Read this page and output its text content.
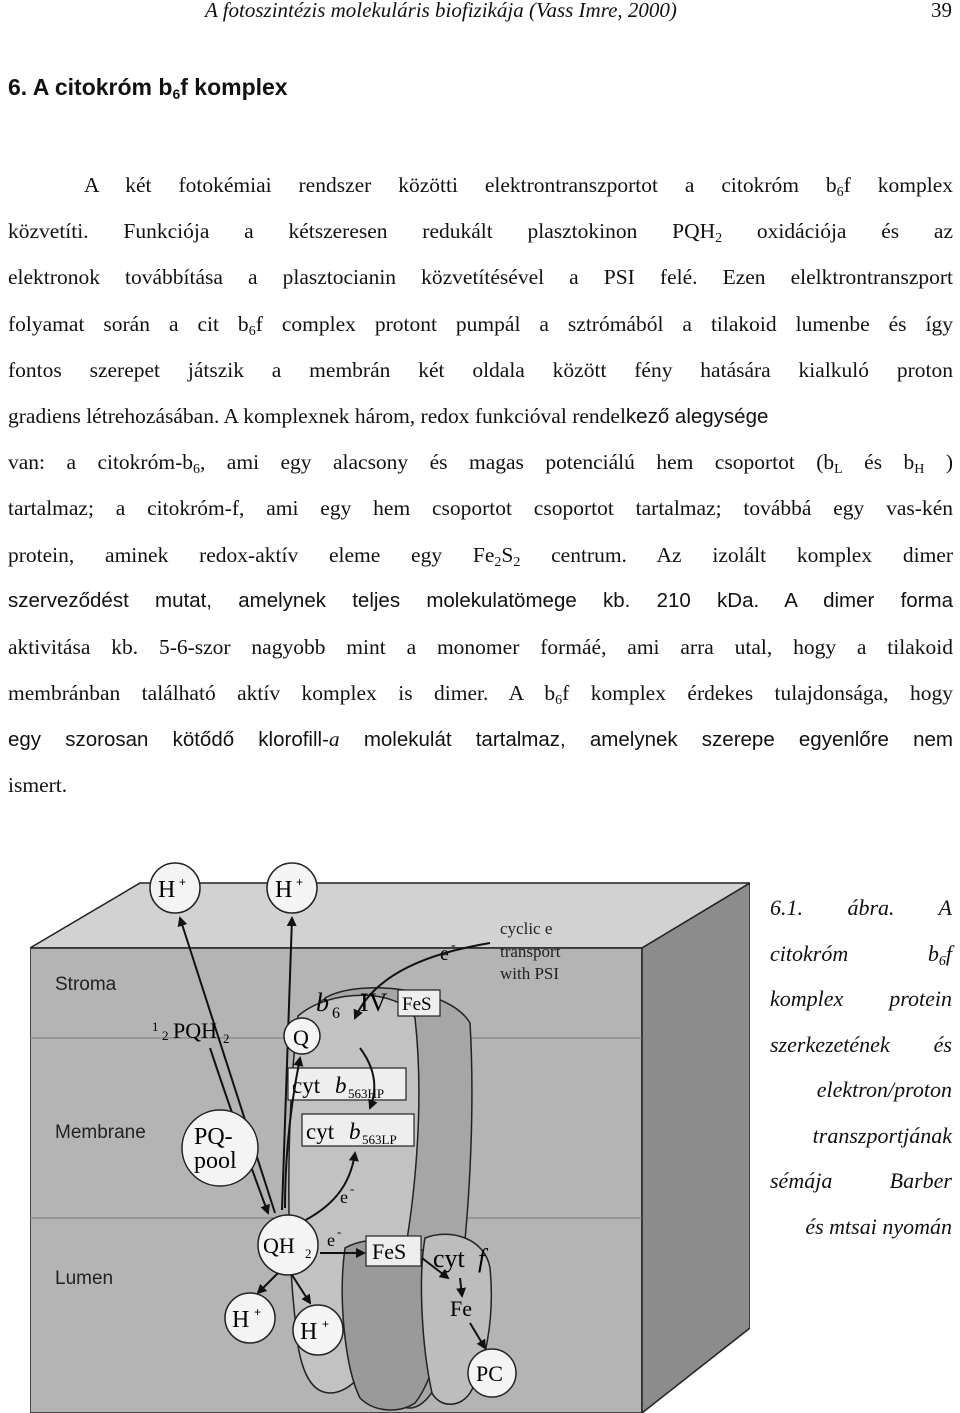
A fotoszintézis molekuláris biofizikája (Vass Imre, 2000)	39
6. A citokróm $b_6f$ komplex
A két fotokémiai rendszer közötti elektrontranszportot a citokróm $b_6f$ komplex
közvetíti. Funkciója a kétszeresen redukált plasztokinon $PQH_2$ oxidációja és az
elektronok továbbítása a plasztocianin közvetítésével a PSI felé. Ezen elelktrontranszport
folyamat során a cit $b_6f$ complex protont pumpál a sztrómából a tilakoid lumenbe és így
fontos szerepet játszik a membrán két oldala között fény hatására kialkuló proton
gradiens létrehozásában. A komplexnek három, redox funkcióval rendelkező alegysége
van: a citokróm-$b_6$, ami egy alacsony és magas potenciálú hem csoportot ($b_L$ és $b_H$ )
tartalmaz; a citokróm-f, ami egy hem csoportot csoportot tartalmaz; továbbá egy vas-kén
protein, aminek redox-aktív eleme egy $Fe_2S_2$ centrum. Az izolált komplex dimer
szerveződést mutat, amelynek teljes molekulatömege kb. 210 kDa. A dimer forma
aktivitása kb. 5-6-szor nagyobb mint a monomer formáé, ami arra utal, hogy a tilakoid
membránban található aktív komplex is dimer. A $b_6f$ komplex érdekes tulajdonsága, hogy
egy szorosan kötődő klorofill-a molekulát tartalmaz, amelynek szerepe egyenlőre nem
ismert.
Stroma
Membrane
Lumen
H +	H +
1
2 PQH 2
cyclic e
transport
with PSI
e -
b 6 IV FeS
Q
cyt b 563HP
cyt b 563LP
PQ-
pool
e -
QH 2
e -
FeS cyt f
Fe
PC
H +
H +
6.1. ábra. A
citokróm	$b_6f$
komplex protein
szerkezetének és
elektron/proton
transzportjának
sémája Barber
és mtsai nyomán
